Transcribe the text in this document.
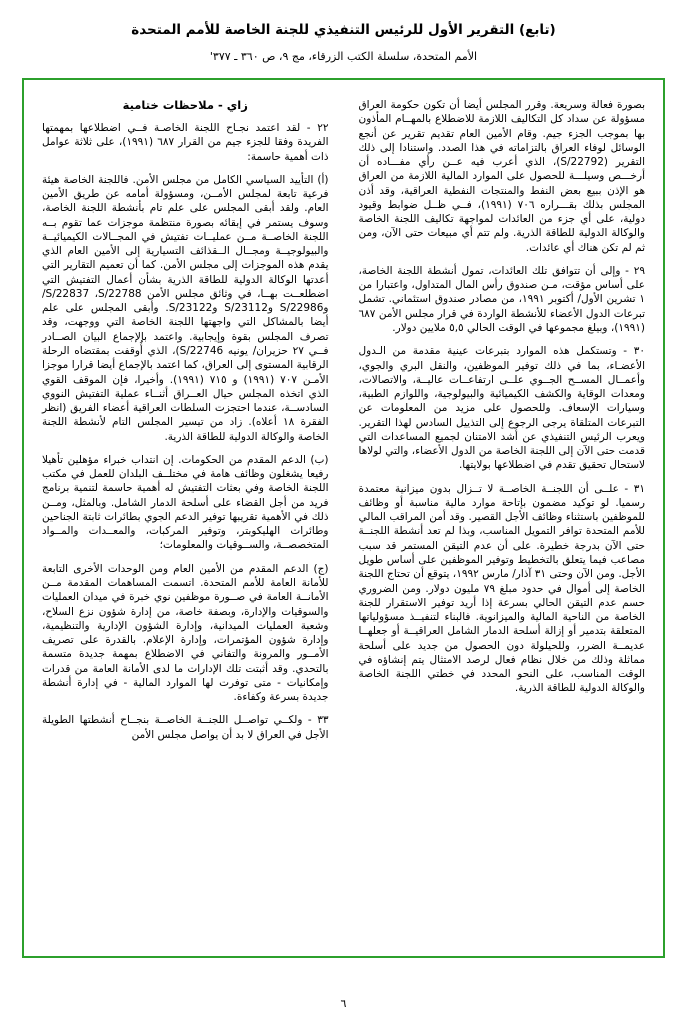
(تابع) التقرير الأول للرئيس التنفيذي للجنة الخاصة للأمم المتحدة
الأمم المتحدة، سلسلة الكتب الزرقاء، مج ٩، ص ٣٦٠ ـ ٣٧٧'

بصورة فعالة وسريعة. وقرر المجلس أيضا أن تكون حكومة العراق مسؤولة عن سداد كل التكاليف اللازمة للاضطلاع بالمهــام المأذون بها بموجب الجزء جيم. وقام الأمين العام تقديم تقرير عن أنجع الوسائل لوفاء العراق بالتزاماته في هذا الصدد. واستنادا إلى ذلك التقرير (S/22792)، الذي أعرب فيه عــن رأي مفـــاده أن أرخـــص وسيلـــة للحصول على الموارد المالية اللازمة من العراق هو الإذن ببيع بعض النفط والمنتجات النفطية العراقية، وقد أذن المجلس بذلك بقـــراره ٧٠٦ (١٩٩١)، فــي ظــل ضوابط وقيود دولية، على أي جزء من العائدات لمواجهة تكاليف اللجنة الخاصة والوكالة الدولية للطاقة الذرية. ولم تتم أي مبيعات حتى الآن، ومن ثم لم تكن هناك أي عائدات.

٢٩ - وإلى أن تتوافق تلك العائدات، تمول أنشطة اللجنة الخاصة، على أساس مؤقت، مـن صندوق رأس المال المتداول، واعتبارا من ١ تشرين الأول/ أكتوبر ١٩٩١، من مصادر صندوق استئماني. تشمل تبرعات الدول الأعضاء للأنشطة الواردة في قرار مجلس الأمن ٦٨٧ (١٩٩١)، وبيلغ مجموعها في الوقت الحالي ٥,٥ ملايين دولار.

٣٠ - وتستكمل هذه الموارد بتبرعات عينية مقدمة من الـدول الأعضـاء، بما في ذلك توفير الموظفين، والنقل البري والجوي، وأعمــال المســح الجــوي علــى ارتفاعــات عاليــة، والاتصالات، ومعدات الوقاية والكشف الكيميائية والبيولوجية، واللوازم الطبية، وسيارات الإسعاف. وللحصول على مزيد من المعلومات عن التبرعات المتلقاة يرجى الرجوع إلى التذييل السادس لهذا التقرير. ويعرب الرئيس التنفيذي عن أشد الامتنان لجميع المساعدات التي قدمت حتى الآن إلى اللجنة الخاصة من الدول الأعضاء، والتي لولاها لاستحال تحقيق تقدم في اضطلاعها بولايتها.

٣١ - علــى أن اللجنــة الخاصــة لا تــزال بدون ميزانية معتمدة رسميا. لو توكيد مضمون بإتاحة موارد مالية مناسبة أو وظائف للموظفين باستثناء وظائف الأجل القصير. وقد أمن المراقب المالي للأمم المتحدة توافر التمويل المناسب، وبذا لم تعد أنشطة اللجنــة حتى الآن بدرجة خطيرة. على أن عدم التيقن المستمر قد سبب مصاعب فيما يتعلق بالتخطيط وتوفير الموظفين على أساس طويل الأجل. ومن الآن وحتى ٣١ آذار/ مارس ١٩٩٢، يتوقع أن تحتاج اللجنة الخاصة إلى أموال في حدود مبلغ ٧٩ مليون دولار. ومن الضروري حسم عدم التيقن الحالي بسرعة إذا أريد توفير الاستقرار للجنة الخاصة من الناحية المالية والميزانوية. فالبناء لتنفيــذ مسؤولياتها المتعلقة بتدمير أو إزالة أسلحة الدمار الشامل العراقيــة أو جعلهــا عديمــة الضرر، وللحيلولة دون الحصول من جديد على أسلحة مماثلة وذلك من خلال نظام فعال لرصد الامتثال يتم إنشاؤه في الوقت المناسب، على النحو المحدد في خطتي اللجنة الخاصة والوكالة الدولية للطاقة الذرية.

زاي - ملاحظات ختامية

٢٢ - لقد اعتمد نجـاح اللجنة الخاصـة فــي اضطلاعها بمهمتها الفريدة وفقا للجزء جيم من القرار ٦٨٧ (١٩٩١)، على ثلاثة عوامل ذات أهمية حاسمة:

(أ) التأييد السياسي الكامل من مجلس الأمن. فاللجنة الخاصة هيئة فرعية تابعة لمجلس الأمــن، ومسؤولة أمامه عن طريق الأمين العام. ولقد أبقى المجلس على علم تام بأنشطة اللجنة الخاصة، وسوف يستمر في إبقائه بصورة منتظمة موجزات عما تقوم بــه اللجنة الخاصــة مــن عمليــات تفتيش في المجــالات الكيميائيــة والبيولوجيــة ومجــال الــقذائف التسيارية إلى الأمين العام الذي يقدم هذه الموجزات إلى مجلس الأمن. كما أن تعميم التقارير التي أعدتها الوكالة الدولية للطاقة الذرية بشأن أعمال التفتيش التي اضطلعــت بهــا، في وثائق مجلس الأمن S/22837 ،S/22788/ وS/22986 وS/23112 وS/23122. وأبقى المجلس على علم أيضا بالمشاكل التي واجهتها اللجنة الخاصة التي ووجهت، وقد تصرف المجلس بقوة وإيجابية. واعتمد بالإجماع البيان الصــادر فــي ٢٧ حزيران/ يونيه S/22746)، الذي أُوقفت بمقتضاه الرحلة الرقابية المستوى إلى العراق، كما اعتمد بالإجماع أيضا قرارا موجزا الأمـن ٧٠٧ (١٩٩١) و ٧١٥ (١٩٩١). وأخيرا، فإن الموقف القوي الذي اتخذه المجلس حيال العــراق أثنــاء عملية التفتيش النووي السادســة، عندما احتجزت السلطات العراقية أعضاء الفريق (انظر الفقرة ١٨ أعلاه). زاد من تيسير المجلس التام لأنشطة اللجنة الخاصة والوكالة الدولية للطاقة الذرية.

(ب) الدعم المقدم من الحكومات. إن انتداب خبراء مؤهلين تأهيلا رفيعا يشغلون وظائف هامة في مختلــف البلدان للعمل في مكتب اللجنة الخاصة وفي بعثات التفتيش له أهمية حاسمة لتنمية برنامج فريد من أجل القضاء على أسلحة الدمار الشامل. وبالمثل، ومــن ذلك في الأهمية تقريبها توفير الدعم الجوي بطائرات ثابتة الجناحين وطائرات الهليكوبتر، وتوفير المركبات، والمعــدات والمــواد المتخصصــة، والســوقيات والمعلومات؛

(ج) الدعم المقدم من الأمين العام ومن الوحدات الأخرى التابعة للأمانة العامة للأمم المتحدة. اتسمت المساهمات المقدمة مــن الأمانــة العامة في صــورة موظفين نوي خبرة في ميدان العمليات والسوقيات والإدارة، وبصفة خاصة، من إدارة شؤون نزع السلاح، وشعبة العمليات الميدانية، وإدارة الشؤون الإدارية والتنظيمية، وإدارة شؤون المؤتمرات، وإدارة الإعلام. بالقدرة على تصريف الأمــور والمرونة والتفاني في الاضطلاع بمهمة جديدة متسمة بالتحدي. وقد أثبتت تلك الإدارات ما لدى الأمانة العامة من قدرات وإمكانيات - متى توفرت لها الموارد المالية - في إدارة أنشطة جديدة بسرعة وكفاءة.

٣٣ - ولكــي تواصــل اللجنــة الخاصــة بنجــاح أنشطتها الطويلة الأجل في العراق لا بد أن يواصل مجلس الأمن

٦
